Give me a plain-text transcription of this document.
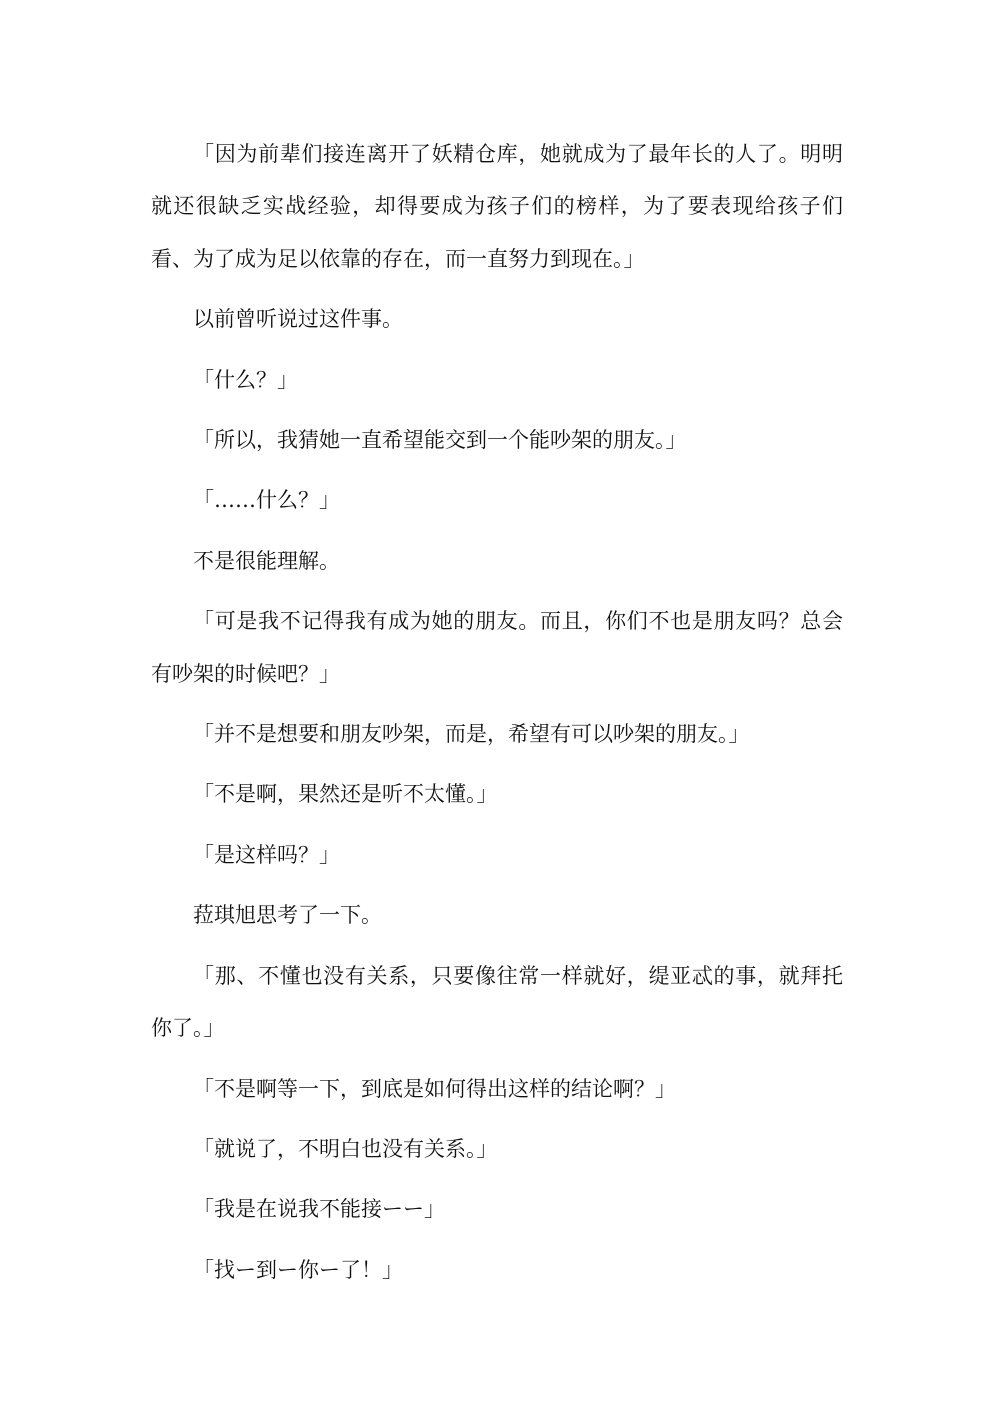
「因为前辈们接连离开了妖精仓库，她就成为了最年长的人了。明明就还很缺乏实战经验，却得要成为孩子们的榜样，为了要表现给孩子们看、为了成为足以依靠的存在，而一直努力到现在。」

以前曾听说过这件事。

「什么？」

「所以，我猜她一直希望能交到一个能吵架的朋友。」

「……什么？」

不是很能理解。

「可是我不记得我有成为她的朋友。而且，你们不也是朋友吗？总会有吵架的时候吧？」

「并不是想要和朋友吵架，而是，希望有可以吵架的朋友。」

「不是啊，果然还是听不太懂。」

「是这样吗？」

菈琪旭思考了一下。

「那、不懂也没有关系，只要像往常一样就好，缇亚忒的事，就拜托你了。」

「不是啊等一下，到底是如何得出这样的结论啊？」

「就说了，不明白也没有关系。」

「我是在说我不能接ーー」

「找ー到ー你ー了！」
